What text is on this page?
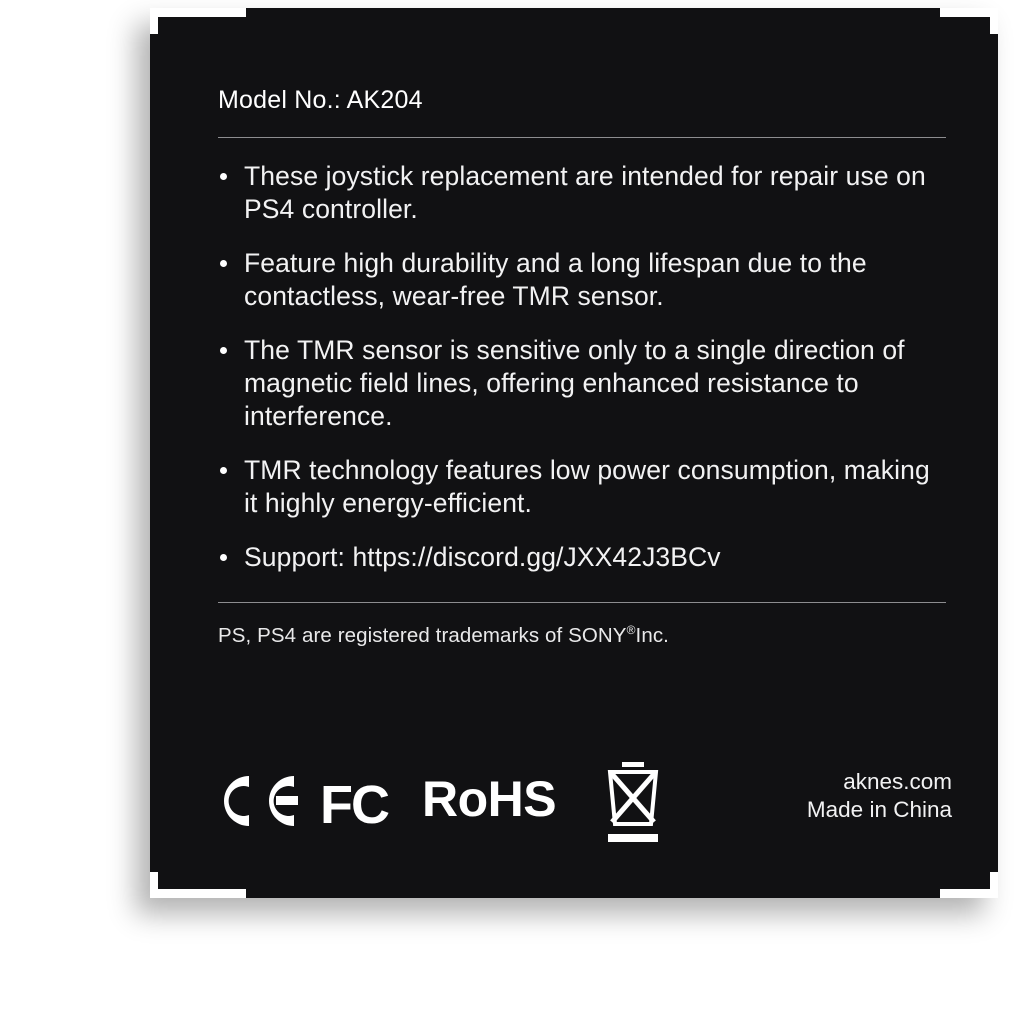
Model No.: AK204
These joystick replacement are intended for repair use on PS4 controller.
Feature high durability and a long lifespan due to the contactless, wear-free TMR sensor.
The TMR sensor is sensitive only to a single direction of magnetic field lines, offering enhanced resistance to interference.
TMR technology features low power consumption, making it highly energy-efficient.
Support: https://discord.gg/JXX42J3BCv
PS, PS4 are registered trademarks of SONY®Inc.
FC RoHS	aknes.com
Made in China
